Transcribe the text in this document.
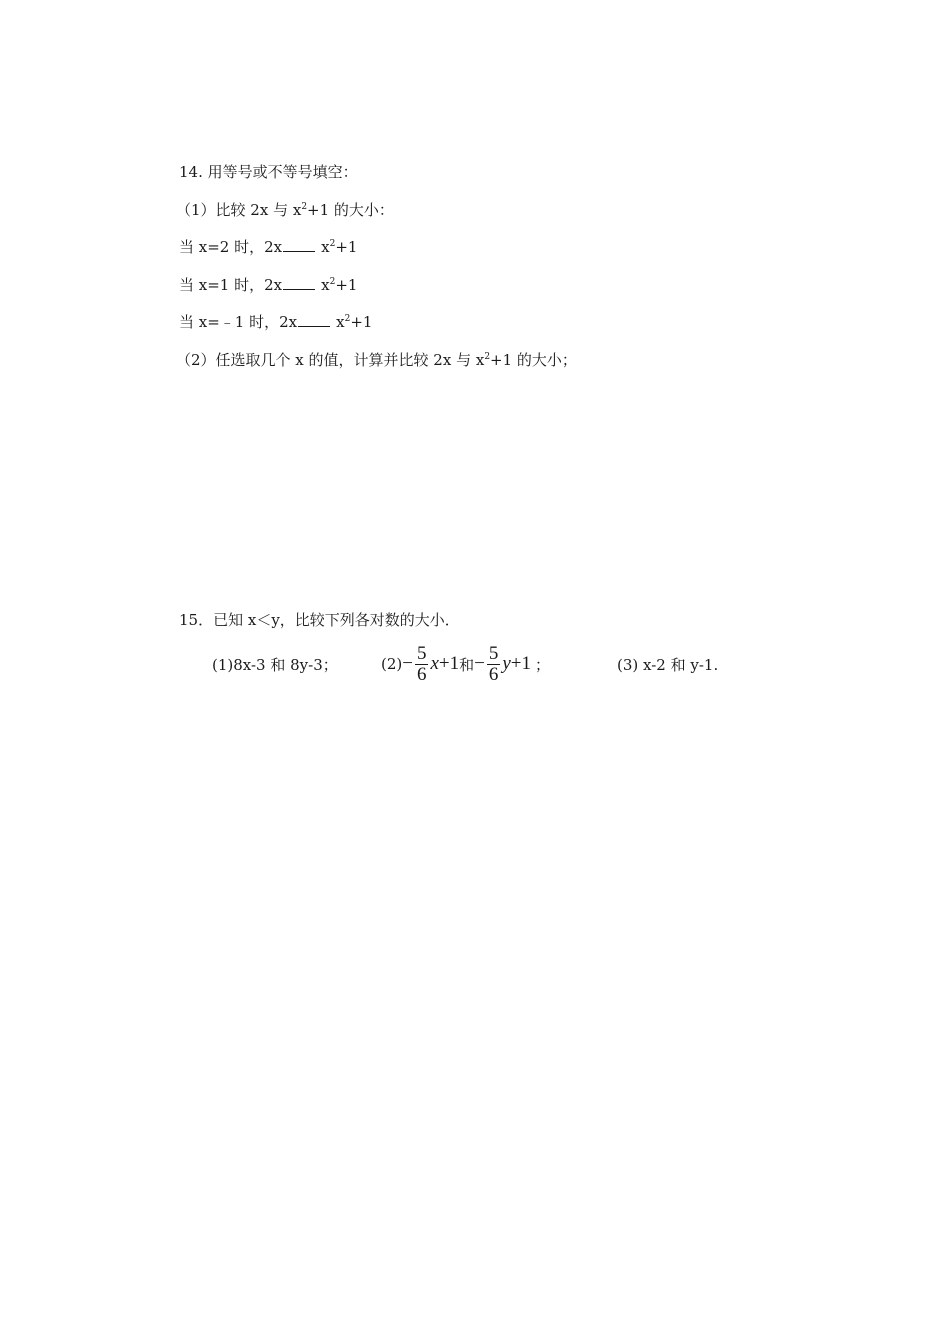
14. 用等号或不等号填空：
（1）比较 2x 与 $x^2+1$ 的大小：
当 x=2 时，2x	$x^2+1$
当 x=1 时，2x	$x^2+1$
当 x=﹣1 时，2x	$x^2+1$
（2）任选取几个 x 的值，计算并比较 2x 与 $x^2+1$ 的大小；
15．已知 x＜y，比较下列各对数的大小．
(1)8x-3 和 8y-3；	$(2) - \frac{5}{6}$ x +1 和 − $\frac{5}{6}$ y +1 ；	(3) x-2 和 y-1.
